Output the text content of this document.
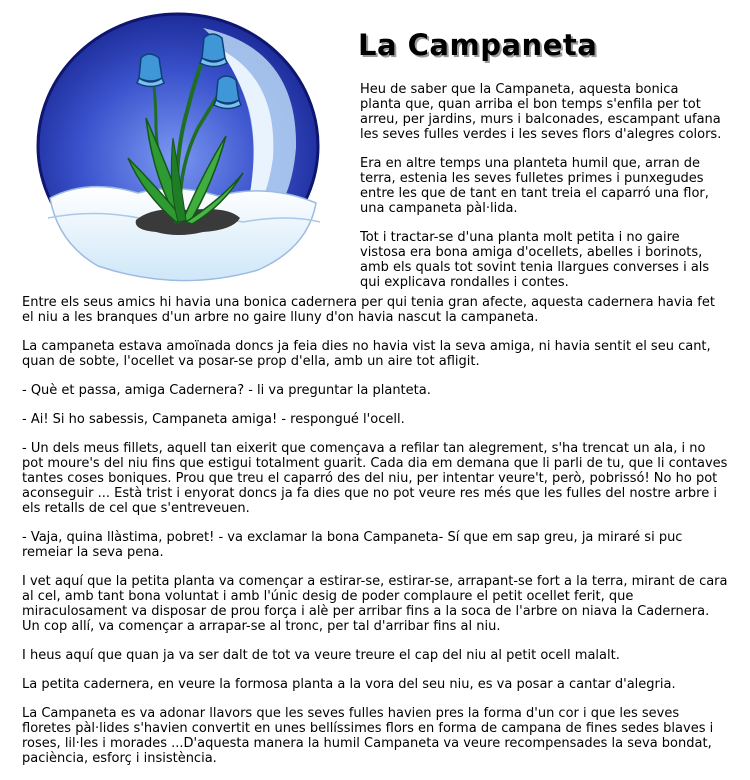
La Campaneta

Heu de saber que la Campaneta, aquesta bonica planta que, quan arriba el bon temps s'enfila per tot arreu, per jardins, murs i balconades, escampant ufana les seves fulles verdes i les seves flors d'alegres colors.

Era en altre temps una planteta humil que, arran de terra, estenia les seves fulletes primes i punxegudes entre les que de tant en tant treia el caparró una flor, una campaneta pàl·lida.

Tot i tractar-se d'una planta molt petita i no gaire vistosa era bona amiga d'ocellets, abelles i borinots, amb els quals tot sovint tenia llargues converses i als qui explicava rondalles i contes.

Entre els seus amics hi havia una bonica cadernera per qui tenia gran afecte, aquesta cadernera havia fet el niu a les branques d'un arbre no gaire lluny d'on havia nascut la campaneta.

La campaneta estava amoïnada doncs ja feia dies no havia vist la seva amiga, ni havia sentit el seu cant, quan de sobte, l'ocellet va posar-se prop d'ella, amb un aire tot afligit.

- Què et passa, amiga Cadernera? - li va preguntar la planteta.

- Ai! Si ho sabessis, Campaneta amiga! - respongué l'ocell.

- Un dels meus fillets, aquell tan eixerit que començava a refilar tan alegrement, s'ha trencat un ala, i no pot moure's del niu fins que estigui totalment guarit. Cada dia em demana que li parli de tu, que li contaves tantes coses boniques. Prou que treu el caparró des del niu, per intentar veure't, però, pobrissó! No ho pot aconseguir ... Està trist i enyorat doncs ja fa dies que no pot veure res més que les fulles del nostre arbre i els retalls de cel que s'entreveuen.

- Vaja, quina llàstima, pobret! - va exclamar la bona Campaneta- Sí que em sap greu, ja miraré si puc remeiar la seva pena.

I vet aquí que la petita planta va començar a estirar-se, estirar-se, arrapant-se fort a la terra, mirant de cara al cel, amb tant bona voluntat i amb l'únic desig de poder complaure el petit ocellet ferit, que miraculosament va disposar de prou força i alè per arribar fins a la soca de l'arbre on niava la Cadernera. Un cop allí, va començar a arrapar-se al tronc, per tal d'arribar fins al niu.

I heus aquí que quan ja va ser dalt de tot va veure treure el cap del niu al petit ocell malalt.

La petita cadernera, en veure la formosa planta a la vora del seu niu, es va posar a cantar d'alegria.

La Campaneta es va adonar llavors que les seves fulles havien pres la forma d'un cor i que les seves floretes pàl·lides s'havien convertit en unes bellíssimes flors en forma de campana de fines sedes blaves i roses, lil·les i morades ...D'aquesta manera la humil Campaneta va veure recompensades la seva bondat, paciència, esforç i insistència.
